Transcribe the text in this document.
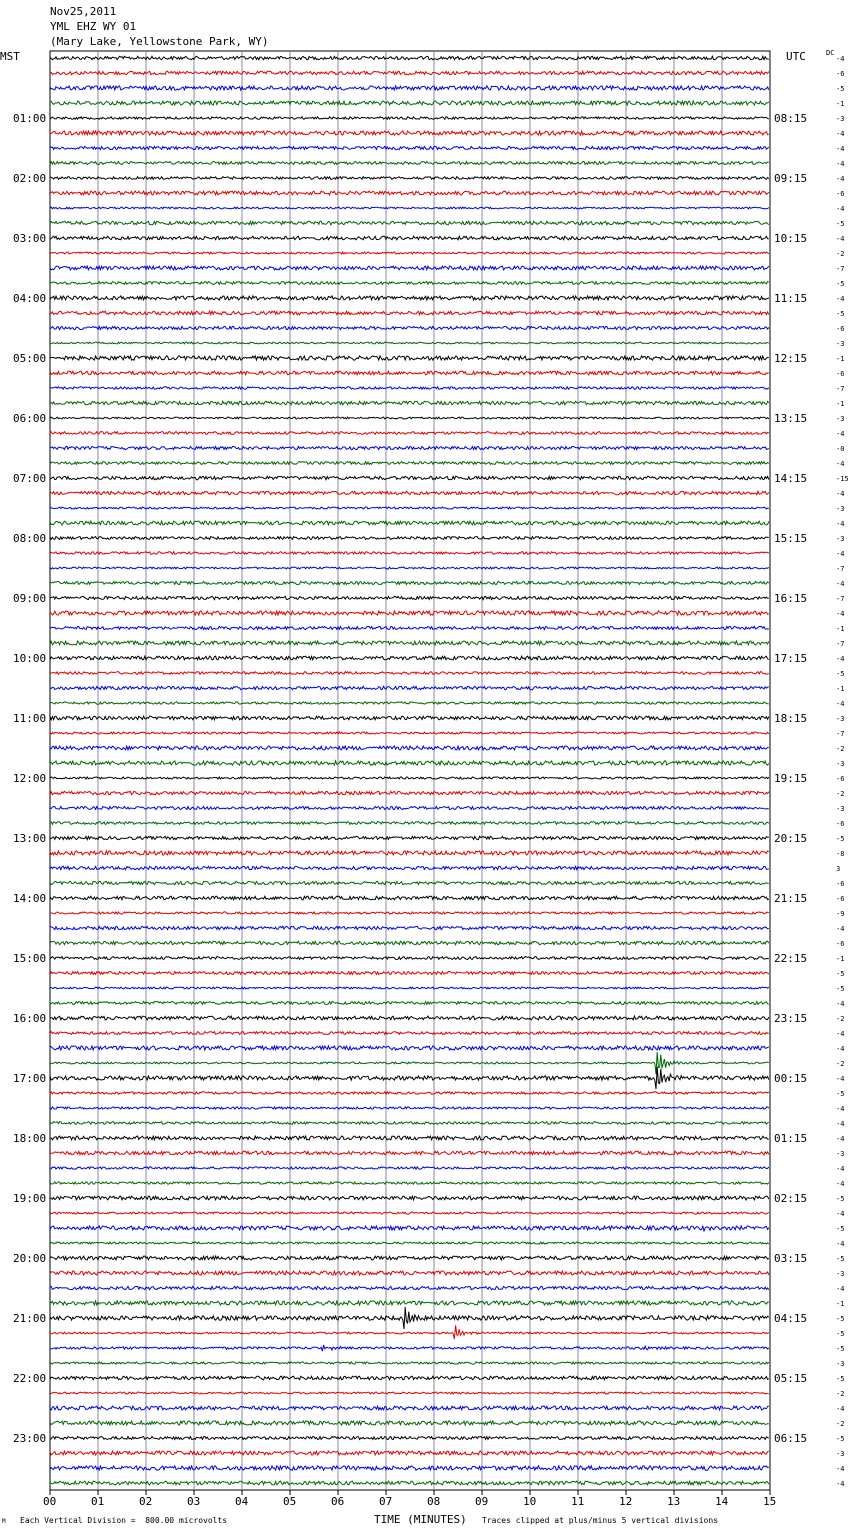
Nov25,2011
YML EHZ WY 01
(Mary Lake, Yellowstone Park, WY)
MST	UTC	DC
-4
-6
-5
-1
-3
-4
-4
-4
-4
-6
-4
-5
-4
-2
-7
-5
-4
-5
-6
-3
-1
-6
-7
-1
-3
-4
-0
-4
-15
-4
-3
-4
-3
-4
-7
-4
-7
-4
-1
-7
-4
-5
-1
-4
-3
-7
-2
-3
-6
-2
-3
-6
-5
-8
3
-6
-6
-9
-4
-6
-1
-5
-5
-4
-2
-4
-4
-2
-4
-5
-4
-4
-4
-3
-4
-4
-5
-4
-5
-4
-5
-3
-4
-1
-5
-5
-5
-3
-5
-2
-4
-2
-5
-3
-4
-4
01:00
02:00
03:00
04:00
05:00
06:00
07:00
08:00
09:00
10:00
11:00
12:00
13:00
14:00
15:00
16:00
17:00
18:00
19:00
20:00
21:00
22:00
23:00
08:15
09:15
10:15
11:15
12:15
13:15
14:15
15:15
16:15
17:15
18:15
19:15
20:15
21:15
22:15
23:15
00:15
01:15
02:15
03:15
04:15
05:15
06:15
00	01	02	03	04	05	06	07	08	09	10	11	12	13	14	15
M Each Vertical Division =  800.00 microvolts	TIME (MINUTES) Traces clipped at plus/minus 5 vertical divisions
